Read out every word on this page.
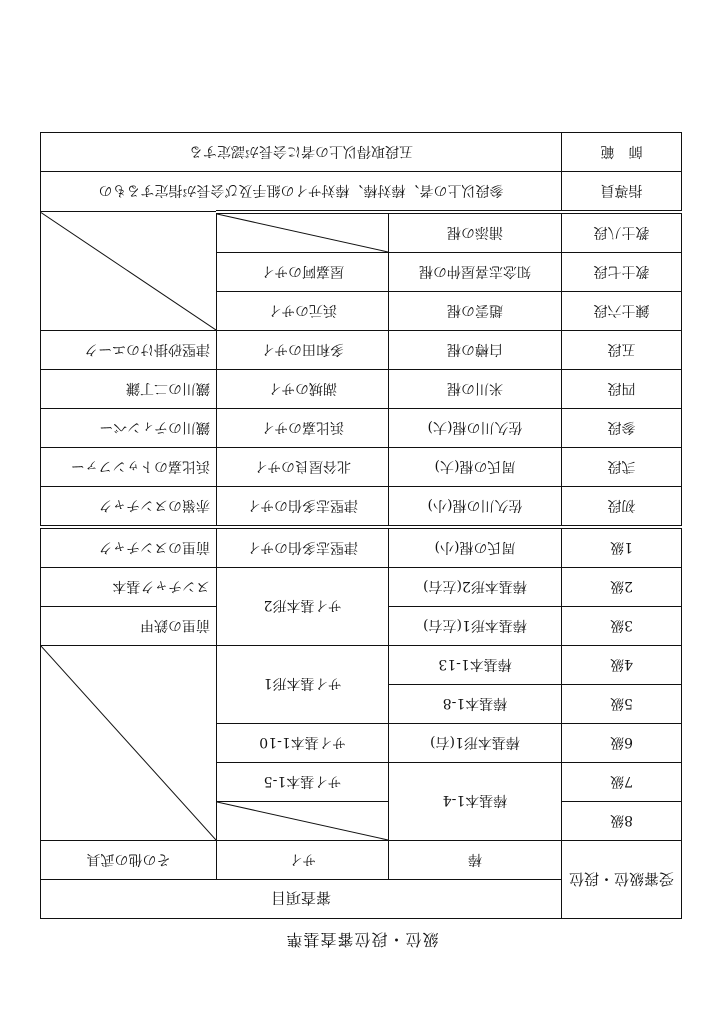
級位・段位審査基準
受審級位・段位	審査項目			
	棒	サイ	その他の武具	
8級	棒基本1-4	

7級		サイ基本1-5		
6級	棒基本形1(右)	サイ基本1-10		
5級	棒基本1-8	サイ基本形1		
4級	棒基本1-13	
3級	棒基本形1(左右)	サイ基本形2	前里の鉄甲	
2級	棒基本形2(左右)		ヌンチャク基本	
1級	周氏の棍(小)	津堅志多伯のサイ	前里のヌンチャク	
初段	佐久川の棍(小)	津堅志多伯のサイ	赤嶺のヌンチャク	
弐段	周氏の棍(大)	北谷屋良のサイ	浜比嘉のトゥンファー	
参段	佐久川の棍(大)	浜比嘉のサイ	鐵川のティンベー	
四段	米川の棍	湖城のサイ	鐵川の二丁鎌	
五段	白樽の棍	多和田のサイ	津堅砂掛けのエーク	
錬士六段	趙雲の棍	浜元のサイ	

教士七段	知念志喜屋仲の棍	屋嘉阿のサイ		
教士八段	浦添の棍	

指導員	参段以上の者、棒対棒、棒対サイの組手及び会長が指定するもの			
師　範	五段取得以上の者に会長が認定する			
